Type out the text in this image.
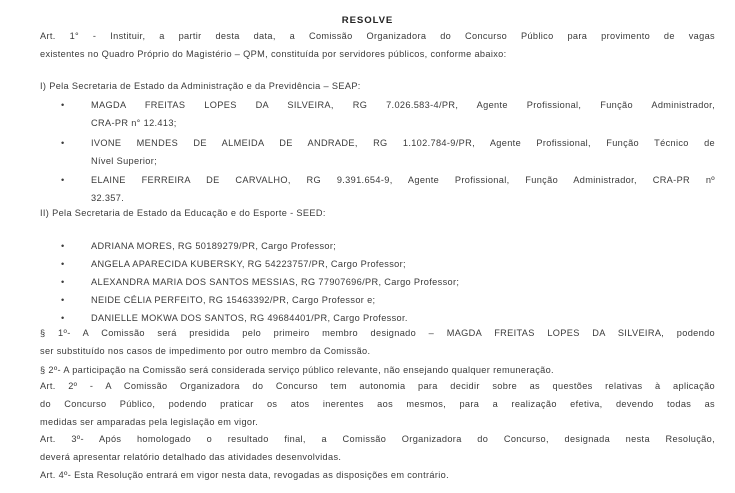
RESOLVE
Art. 1° - Instituir, a partir desta data, a Comissão Organizadora do Concurso Público para provimento de vagas
existentes no Quadro Próprio do Magistério – QPM, constituída por servidores públicos, conforme abaixo:
I) Pela Secretaria de Estado da Administração e da Previdência – SEAP:
•	MAGDA FREITAS LOPES DA SILVEIRA, RG 7.026.583-4/PR, Agente Profissional, Função Administrador,
CRA-PR n° 12.413;
•	IVONE MENDES DE ALMEIDA DE ANDRADE, RG 1.102.784-9/PR, Agente Profissional, Função Técnico de
Nível Superior;
•	ELAINE FERREIRA DE CARVALHO, RG 9.391.654-9, Agente Profissional, Função Administrador, CRA-PR nº
32.357.
II) Pela Secretaria de Estado da Educação e do Esporte - SEED:
•	ADRIANA MORES, RG 50189279/PR, Cargo Professor;
•	ANGELA APARECIDA KUBERSKY, RG 54223757/PR, Cargo Professor;
•	ALEXANDRA MARIA DOS SANTOS MESSIAS, RG 77907696/PR, Cargo Professor;
•	NEIDE CÉLIA PERFEITO, RG 15463392/PR, Cargo Professor e;
•	DANIELLE MOKWA DOS SANTOS, RG 49684401/PR, Cargo Professor.
§ 1º- A Comissão será presidida pelo primeiro membro designado – MAGDA FREITAS LOPES DA SILVEIRA, podendo
ser substituído nos casos de impedimento por outro membro da Comissão.
§ 2º- A participação na Comissão será considerada serviço público relevante, não ensejando qualquer remuneração.
Art. 2º - A Comissão Organizadora do Concurso tem autonomia para decidir sobre as questões relativas à aplicação
do Concurso Público, podendo praticar os atos inerentes aos mesmos, para a realização efetiva, devendo todas as
medidas ser amparadas pela legislação em vigor.
Art. 3º- Após homologado o resultado final, a Comissão Organizadora do Concurso, designada nesta Resolução,
deverá apresentar relatório detalhado das atividades desenvolvidas.
Art. 4º- Esta Resolução entrará em vigor nesta data, revogadas as disposições em contrário.
